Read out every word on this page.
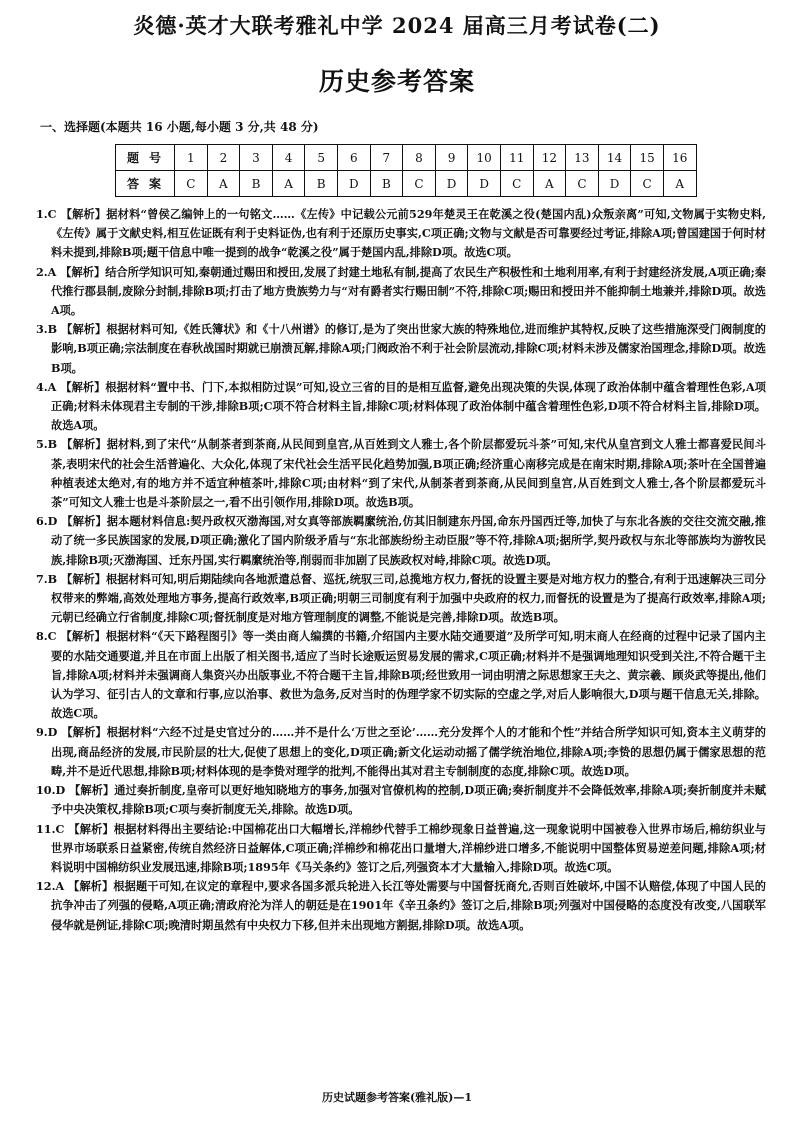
炎德·英才大联考雅礼中学 2024 届高三月考试卷(二)
历史参考答案
一、选择题(本题共 16 小题,每小题 3 分,共 48 分)
题号	1	2	3	4	5	6	7	8	9	10	11	12	13	14	15	16
答案	C	A	B	A	B	D	B	C	D	D	C	A	C	D	C	A

1.C 【解析】据材料“曾侯乙编钟上的一句铭文……《左传》中记载公元前529年楚灵王在乾溪之役(楚国内乱)众叛亲离”可知,文物属于实物史料,《左传》属于文献史料,相互佐证既有利于史料证伪,也有利于还原历史事实,C项正确;文物与文献是否可靠要经过考证,排除A项;曾国建国于何时材料未提到,排除B项;题干信息中唯一提到的战争“乾溪之役”属于楚国内乱,排除D项。故选C项。

2.A 【解析】结合所学知识可知,秦朝通过赐田和授田,发展了封建土地私有制,提高了农民生产积极性和土地利用率,有利于封建经济发展,A项正确;秦代推行郡县制,废除分封制,排除B项;打击了地方贵族势力与“对有爵者实行赐田制”不符,排除C项;赐田和授田并不能抑制土地兼并,排除D项。故选A项。

3.B 【解析】根据材料可知,《姓氏簿状》和《十八州谱》的修订,是为了突出世家大族的特殊地位,进而维护其特权,反映了这些措施深受门阀制度的影响,B项正确;宗法制度在春秋战国时期就已崩溃瓦解,排除A项;门阀政治不利于社会阶层流动,排除C项;材料未涉及儒家治国理念,排除D项。故选B项。

4.A 【解析】根据材料“置中书、门下,本拟相防过误”可知,设立三省的目的是相互监督,避免出现决策的失误,体现了政治体制中蕴含着理性色彩,A项正确;材料未体现君主专制的干涉,排除B项;C项不符合材料主旨,排除C项;材料体现了政治体制中蕴含着理性色彩,D项不符合材料主旨,排除D项。故选A项。

5.B 【解析】据材料,到了宋代“从制茶者到茶商,从民间到皇宫,从百姓到文人雅士,各个阶层都爱玩斗茶”可知,宋代从皇宫到文人雅士都喜爱民间斗茶,表明宋代的社会生活普遍化、大众化,体现了宋代社会生活平民化趋势加强,B项正确;经济重心南移完成是在南宋时期,排除A项;茶叶在全国普遍种植表述太绝对,有的地方并不适宜种植茶叶,排除C项;由材料“到了宋代,从制茶者到茶商,从民间到皇宫,从百姓到文人雅士,各个阶层都爱玩斗茶”可知文人雅士也是斗茶阶层之一,看不出引领作用,排除D项。故选B项。

6.D 【解析】据本题材料信息:契丹政权灭渤海国,对女真等部族羁縻统治,仿其旧制建东丹国,命东丹国西迁等,加快了与东北各族的交往交流交融,推动了统一多民族国家的发展,D项正确;激化了国内阶级矛盾与“东北部族纷纷主动臣服”等不符,排除A项;据所学,契丹政权与东北等部族均为游牧民族,排除B项;灭渤海国、迁东丹国,实行羁縻统治等,削弱而非加剧了民族政权对峙,排除C项。故选D项。

7.B 【解析】根据材料可知,明后期陆续向各地派遣总督、巡抚,统驭三司,总揽地方权力,督抚的设置主要是对地方权力的整合,有利于迅速解决三司分权带来的弊端,高效处理地方事务,提高行政效率,B项正确;明朝三司制度有利于加强中央政府的权力,而督抚的设置是为了提高行政效率,排除A项;元朝已经确立行省制度,排除C项;督抚制度是对地方管理制度的调整,不能说是完善,排除D项。故选B项。

8.C 【解析】根据材料“《天下路程图引》等一类由商人编撰的书籍,介绍国内主要水陆交通要道”及所学可知,明末商人在经商的过程中记录了国内主要的水陆交通要道,并且在市面上出版了相关图书,适应了当时长途贩运贸易发展的需求,C项正确;材料并不是强调地理知识受到关注,不符合题干主旨,排除A项;材料并未强调商人集资兴办出版事业,不符合题干主旨,排除B项;经世致用一词由明清之际思想家王夫之、黄宗羲、顾炎武等提出,他们认为学习、征引古人的文章和行事,应以治事、救世为急务,反对当时的伪理学家不切实际的空虚之学,对后人影响很大,D项与题干信息无关,排除。故选C项。

9.D 【解析】根据材料“六经不过是史官过分的……并不是什么‘万世之至论’……充分发挥个人的才能和个性”并结合所学知识可知,资本主义萌芽的出现,商品经济的发展,市民阶层的壮大,促使了思想上的变化,D项正确;新文化运动动摇了儒学统治地位,排除A项;李贽的思想仍属于儒家思想的范畴,并不是近代思想,排除B项;材料体现的是李贽对理学的批判,不能得出其对君主专制制度的态度,排除C项。故选D项。

10.D 【解析】通过奏折制度,皇帝可以更好地知晓地方的事务,加强对官僚机构的控制,D项正确;奏折制度并不会降低效率,排除A项;奏折制度并未赋予中央决策权,排除B项;C项与奏折制度无关,排除。故选D项。

11.C 【解析】根据材料得出主要结论:中国棉花出口大幅增长,洋棉纱代替手工棉纱现象日益普遍,这一现象说明中国被卷入世界市场后,棉纺织业与世界市场联系日益紧密,传统自然经济日益解体,C项正确;洋棉纱和棉花出口量增大,洋棉纱进口增多,不能说明中国整体贸易逆差问题,排除A项;材料说明中国棉纺织业发展迅速,排除B项;1895年《马关条约》签订之后,列强资本才大量输入,排除D项。故选C项。

12.A 【解析】根据题干可知,在议定的章程中,要求各国多派兵轮进入长江等处需要与中国督抚商允,否则百姓破坏,中国不认赔偿,体现了中国人民的抗争冲击了列强的侵略,A项正确;清政府沦为洋人的朝廷是在1901年《辛丑条约》签订之后,排除B项;列强对中国侵略的态度没有改变,八国联军侵华就是例证,排除C项;晚清时期虽然有中央权力下移,但并未出现地方割据,排除D项。故选A项。

历史试题参考答案(雅礼版)—1
